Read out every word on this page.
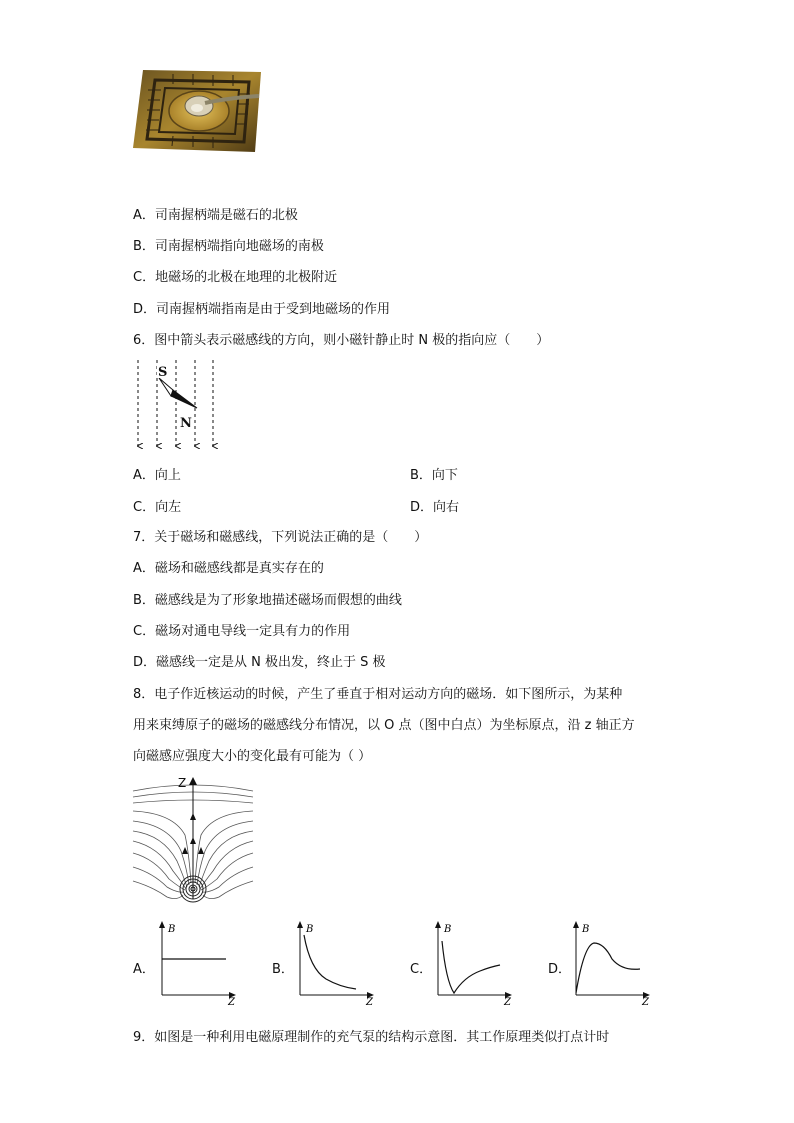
A．司南握柄端是磁石的北极
B．司南握柄端指向地磁场的南极
C．地磁场的北极在地理的北极附近
D．司南握柄端指南是由于受到地磁场的作用
6．图中箭头表示磁感线的方向，则小磁针静止时 N 极的指向应（　　）
S
N
A．向上	B．向下
C．向左	D．向右
7．关于磁场和磁感线，下列说法正确的是（　　）
A．磁场和磁感线都是真实存在的
B．磁感线是为了形象地描述磁场而假想的曲线
C．磁场对通电导线一定具有力的作用
D．磁感线一定是从 N 极出发，终止于 S 极
8．电子作近核运动的时候，产生了垂直于相对运动方向的磁场．如下图所示，为某种
用来束缚原子的磁场的磁感线分布情况，以 O 点（图中白点）为坐标原点，沿 z 轴正方
向磁感应强度大小的变化最有可能为（ ）
Z
A．
B
Z
B．
B
Z
C．
B
Z
D．
B
Z
9．如图是一种利用电磁原理制作的充气泵的结构示意图．其工作原理类似打点计时
